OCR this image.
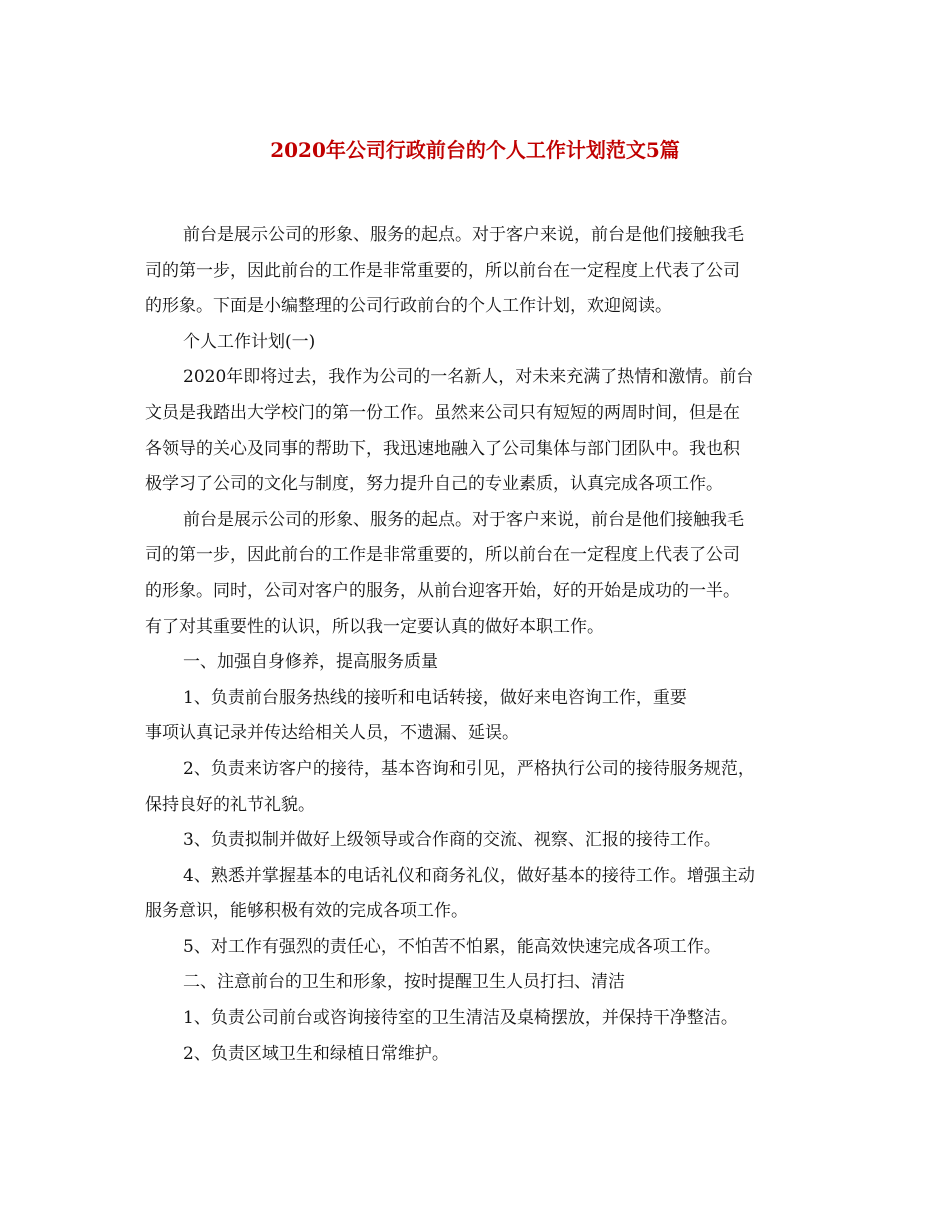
2020年公司行政前台的个人工作计划范文5篇

前台是展示公司的形象、服务的起点。对于客户来说，前台是他们接触我毛
司的第一步，因此前台的工作是非常重要的，所以前台在一定程度上代表了公司
的形象。下面是小编整理的公司行政前台的个人工作计划，欢迎阅读。

个人工作计划(一)

2020年即将过去，我作为公司的一名新人，对未来充满了热情和激情。前台
文员是我踏出大学校门的第一份工作。虽然来公司只有短短的两周时间，但是在
各领导的关心及同事的帮助下，我迅速地融入了公司集体与部门团队中。我也积
极学习了公司的文化与制度，努力提升自己的专业素质，认真完成各项工作。

前台是展示公司的形象、服务的起点。对于客户来说，前台是他们接触我毛
司的第一步，因此前台的工作是非常重要的，所以前台在一定程度上代表了公司
的形象。同时，公司对客户的服务，从前台迎客开始，好的开始是成功的一半。
有了对其重要性的认识，所以我一定要认真的做好本职工作。

一、加强自身修养，提高服务质量

1、负责前台服务热线的接听和电话转接，做好来电咨询工作，重要
事项认真记录并传达给相关人员，不遗漏、延误。

2、负责来访客户的接待，基本咨询和引见，严格执行公司的接待服务规范，
保持良好的礼节礼貌。

3、负责拟制并做好上级领导或合作商的交流、视察、汇报的接待工作。

4、熟悉并掌握基本的电话礼仪和商务礼仪，做好基本的接待工作。增强主动
服务意识，能够积极有效的完成各项工作。

5、对工作有强烈的责任心，不怕苦不怕累，能高效快速完成各项工作。

二、注意前台的卫生和形象，按时提醒卫生人员打扫、清洁

1、负责公司前台或咨询接待室的卫生清洁及桌椅摆放，并保持干净整洁。

2、负责区域卫生和绿植日常维护。
